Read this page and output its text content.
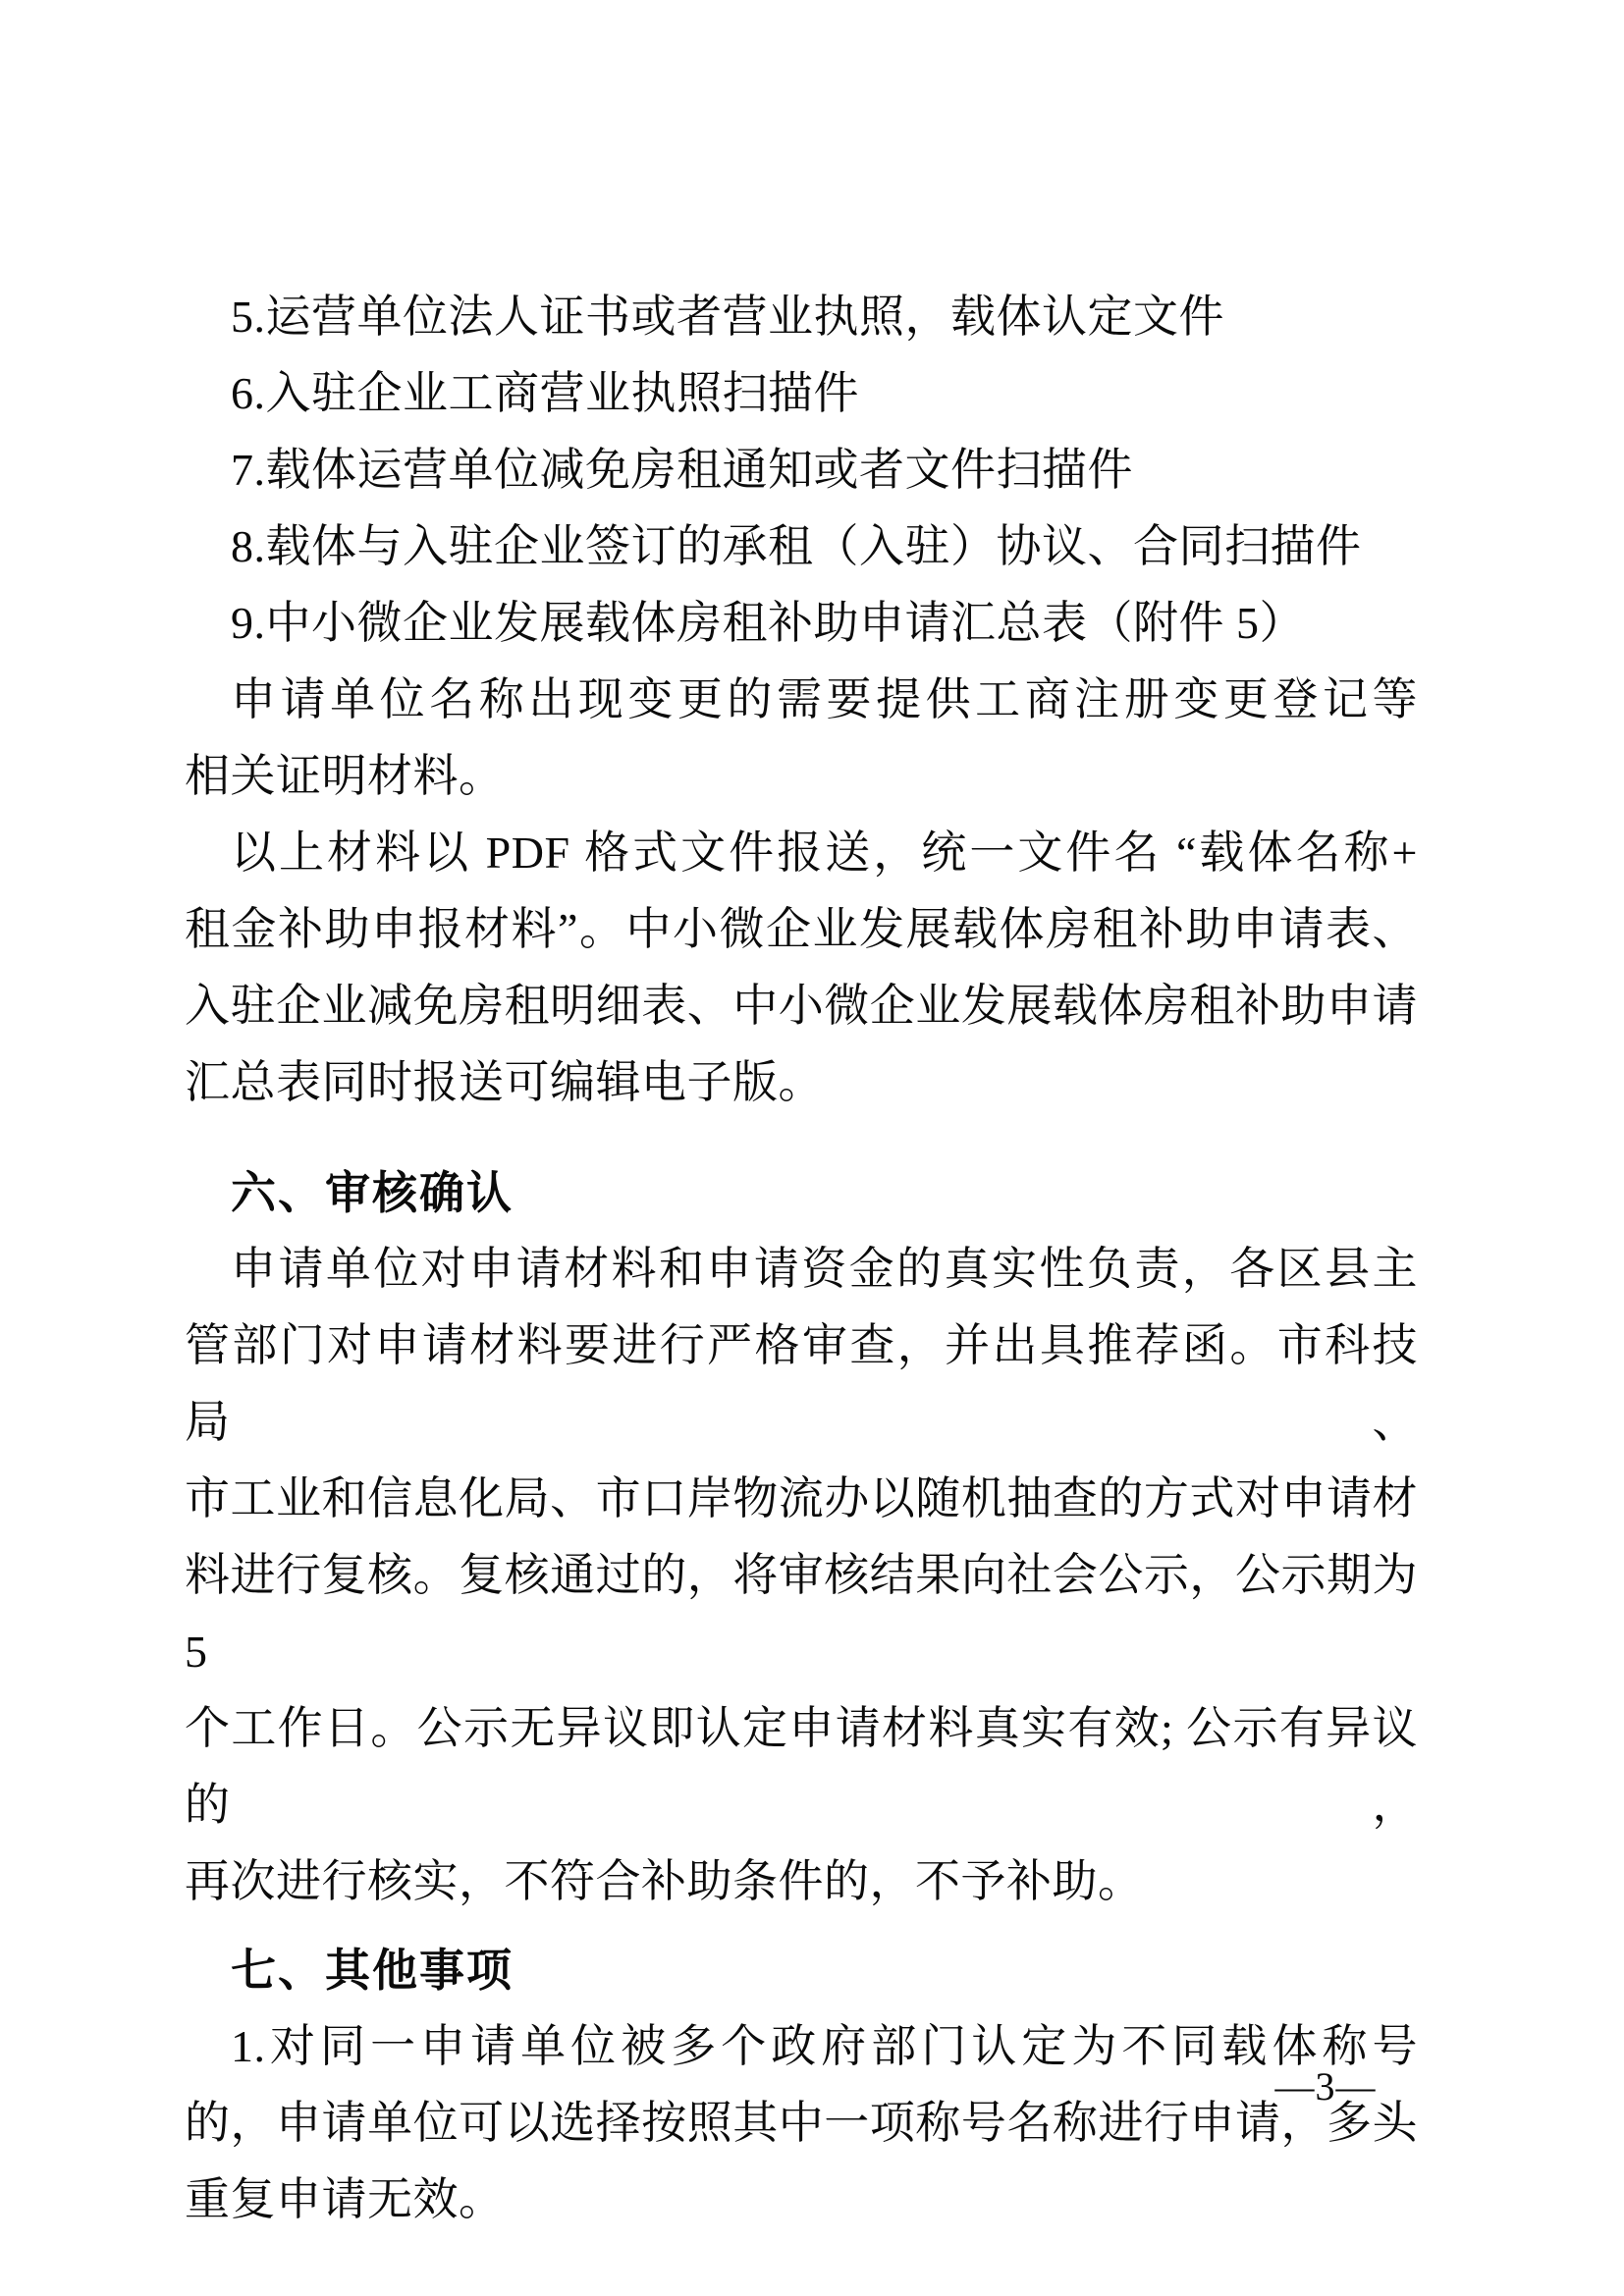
5.运营单位法人证书或者营业执照，载体认定文件
6.入驻企业工商营业执照扫描件
7.载体运营单位减免房租通知或者文件扫描件
8.载体与入驻企业签订的承租（入驻）协议、合同扫描件
9.中小微企业发展载体房租补助申请汇总表（附件 5）
申请单位名称出现变更的需要提供工商注册变更登记等
相关证明材料。
以上材料以 PDF 格式文件报送，统一文件名 “载体名称+
租金补助申报材料”。中小微企业发展载体房租补助申请表、
入驻企业减免房租明细表、中小微企业发展载体房租补助申请
汇总表同时报送可编辑电子版。
六、审核确认
申请单位对申请材料和申请资金的真实性负责，各区县主
管部门对申请材料要进行严格审查，并出具推荐函。市科技局、
市工业和信息化局、市口岸物流办以随机抽查的方式对申请材
料进行复核。复核通过的，将审核结果向社会公示，公示期为 5
个工作日。公示无异议即认定申请材料真实有效; 公示有异议的，
再次进行核实，不符合补助条件的，不予补助。
七、其他事项
1.对同一申请单位被多个政府部门认定为不同载体称号
的，申请单位可以选择按照其中一项称号名称进行申请，多头
重复申请无效。
—3—
